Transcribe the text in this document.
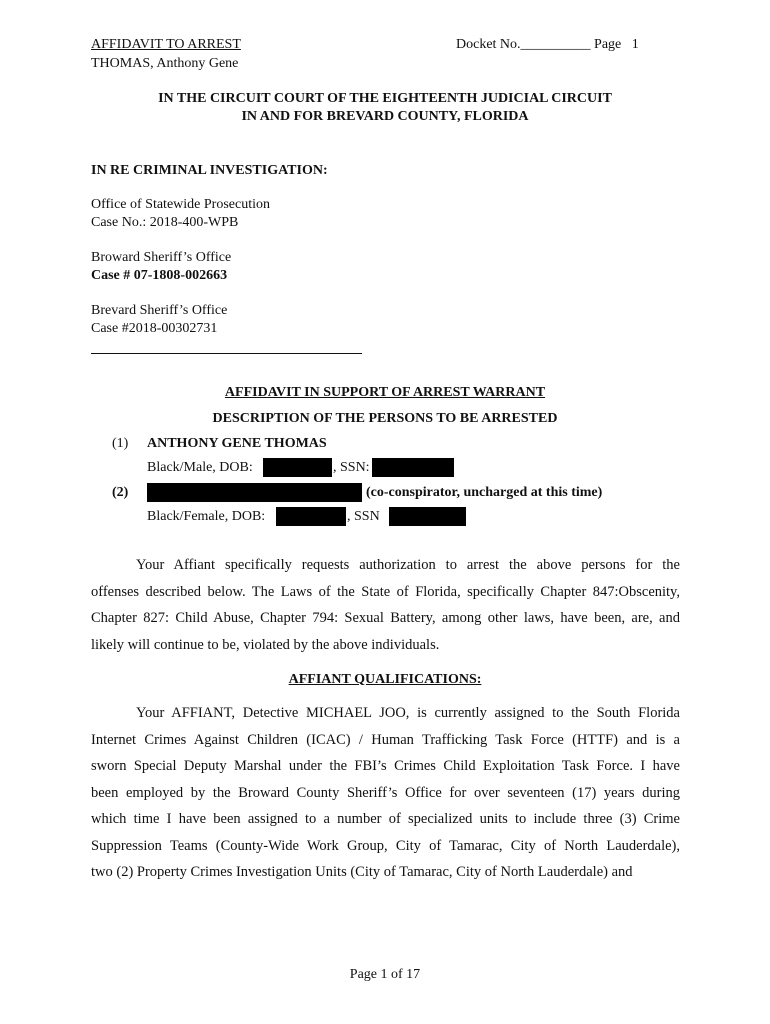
AFFIDAVIT TO ARREST
THOMAS, Anthony Gene
Docket No.__________ Page 1
IN THE CIRCUIT COURT OF THE EIGHTEENTH JUDICIAL CIRCUIT
IN AND FOR BREVARD COUNTY, FLORIDA
IN RE CRIMINAL INVESTIGATION:
Office of Statewide Prosecution
Case No.: 2018-400-WPB
Broward Sheriff’s Office
Case # 07-1808-002663
Brevard Sheriff’s Office
Case #2018-00302731
AFFIDAVIT IN SUPPORT OF ARREST WARRANT
DESCRIPTION OF THE PERSONS TO BE ARRESTED
(1) ANTHONY GENE THOMAS
Black/Male, DOB:	, SSN:
(2)	(co-conspirator, uncharged at this time)
Black/Female, DOB:	, SSN
Your Affiant specifically requests authorization to arrest the above persons for the
offenses described below. The Laws of the State of Florida, specifically Chapter 847:Obscenity,
Chapter 827: Child Abuse, Chapter 794: Sexual Battery, among other laws, have been, are, and
likely will continue to be, violated by the above individuals.
AFFIANT QUALIFICATIONS:
Your AFFIANT, Detective MICHAEL JOO, is currently assigned to the South Florida
Internet Crimes Against Children (ICAC) / Human Trafficking Task Force (HTTF) and is a
sworn Special Deputy Marshal under the FBI’s Crimes Child Exploitation Task Force. I have
been employed by the Broward County Sheriff’s Office for over seventeen (17) years during
which time I have been assigned to a number of specialized units to include three (3) Crime
Suppression Teams (County-Wide Work Group, City of Tamarac, City of North Lauderdale),
two (2) Property Crimes Investigation Units (City of Tamarac, City of North Lauderdale) and
Page 1 of 17
